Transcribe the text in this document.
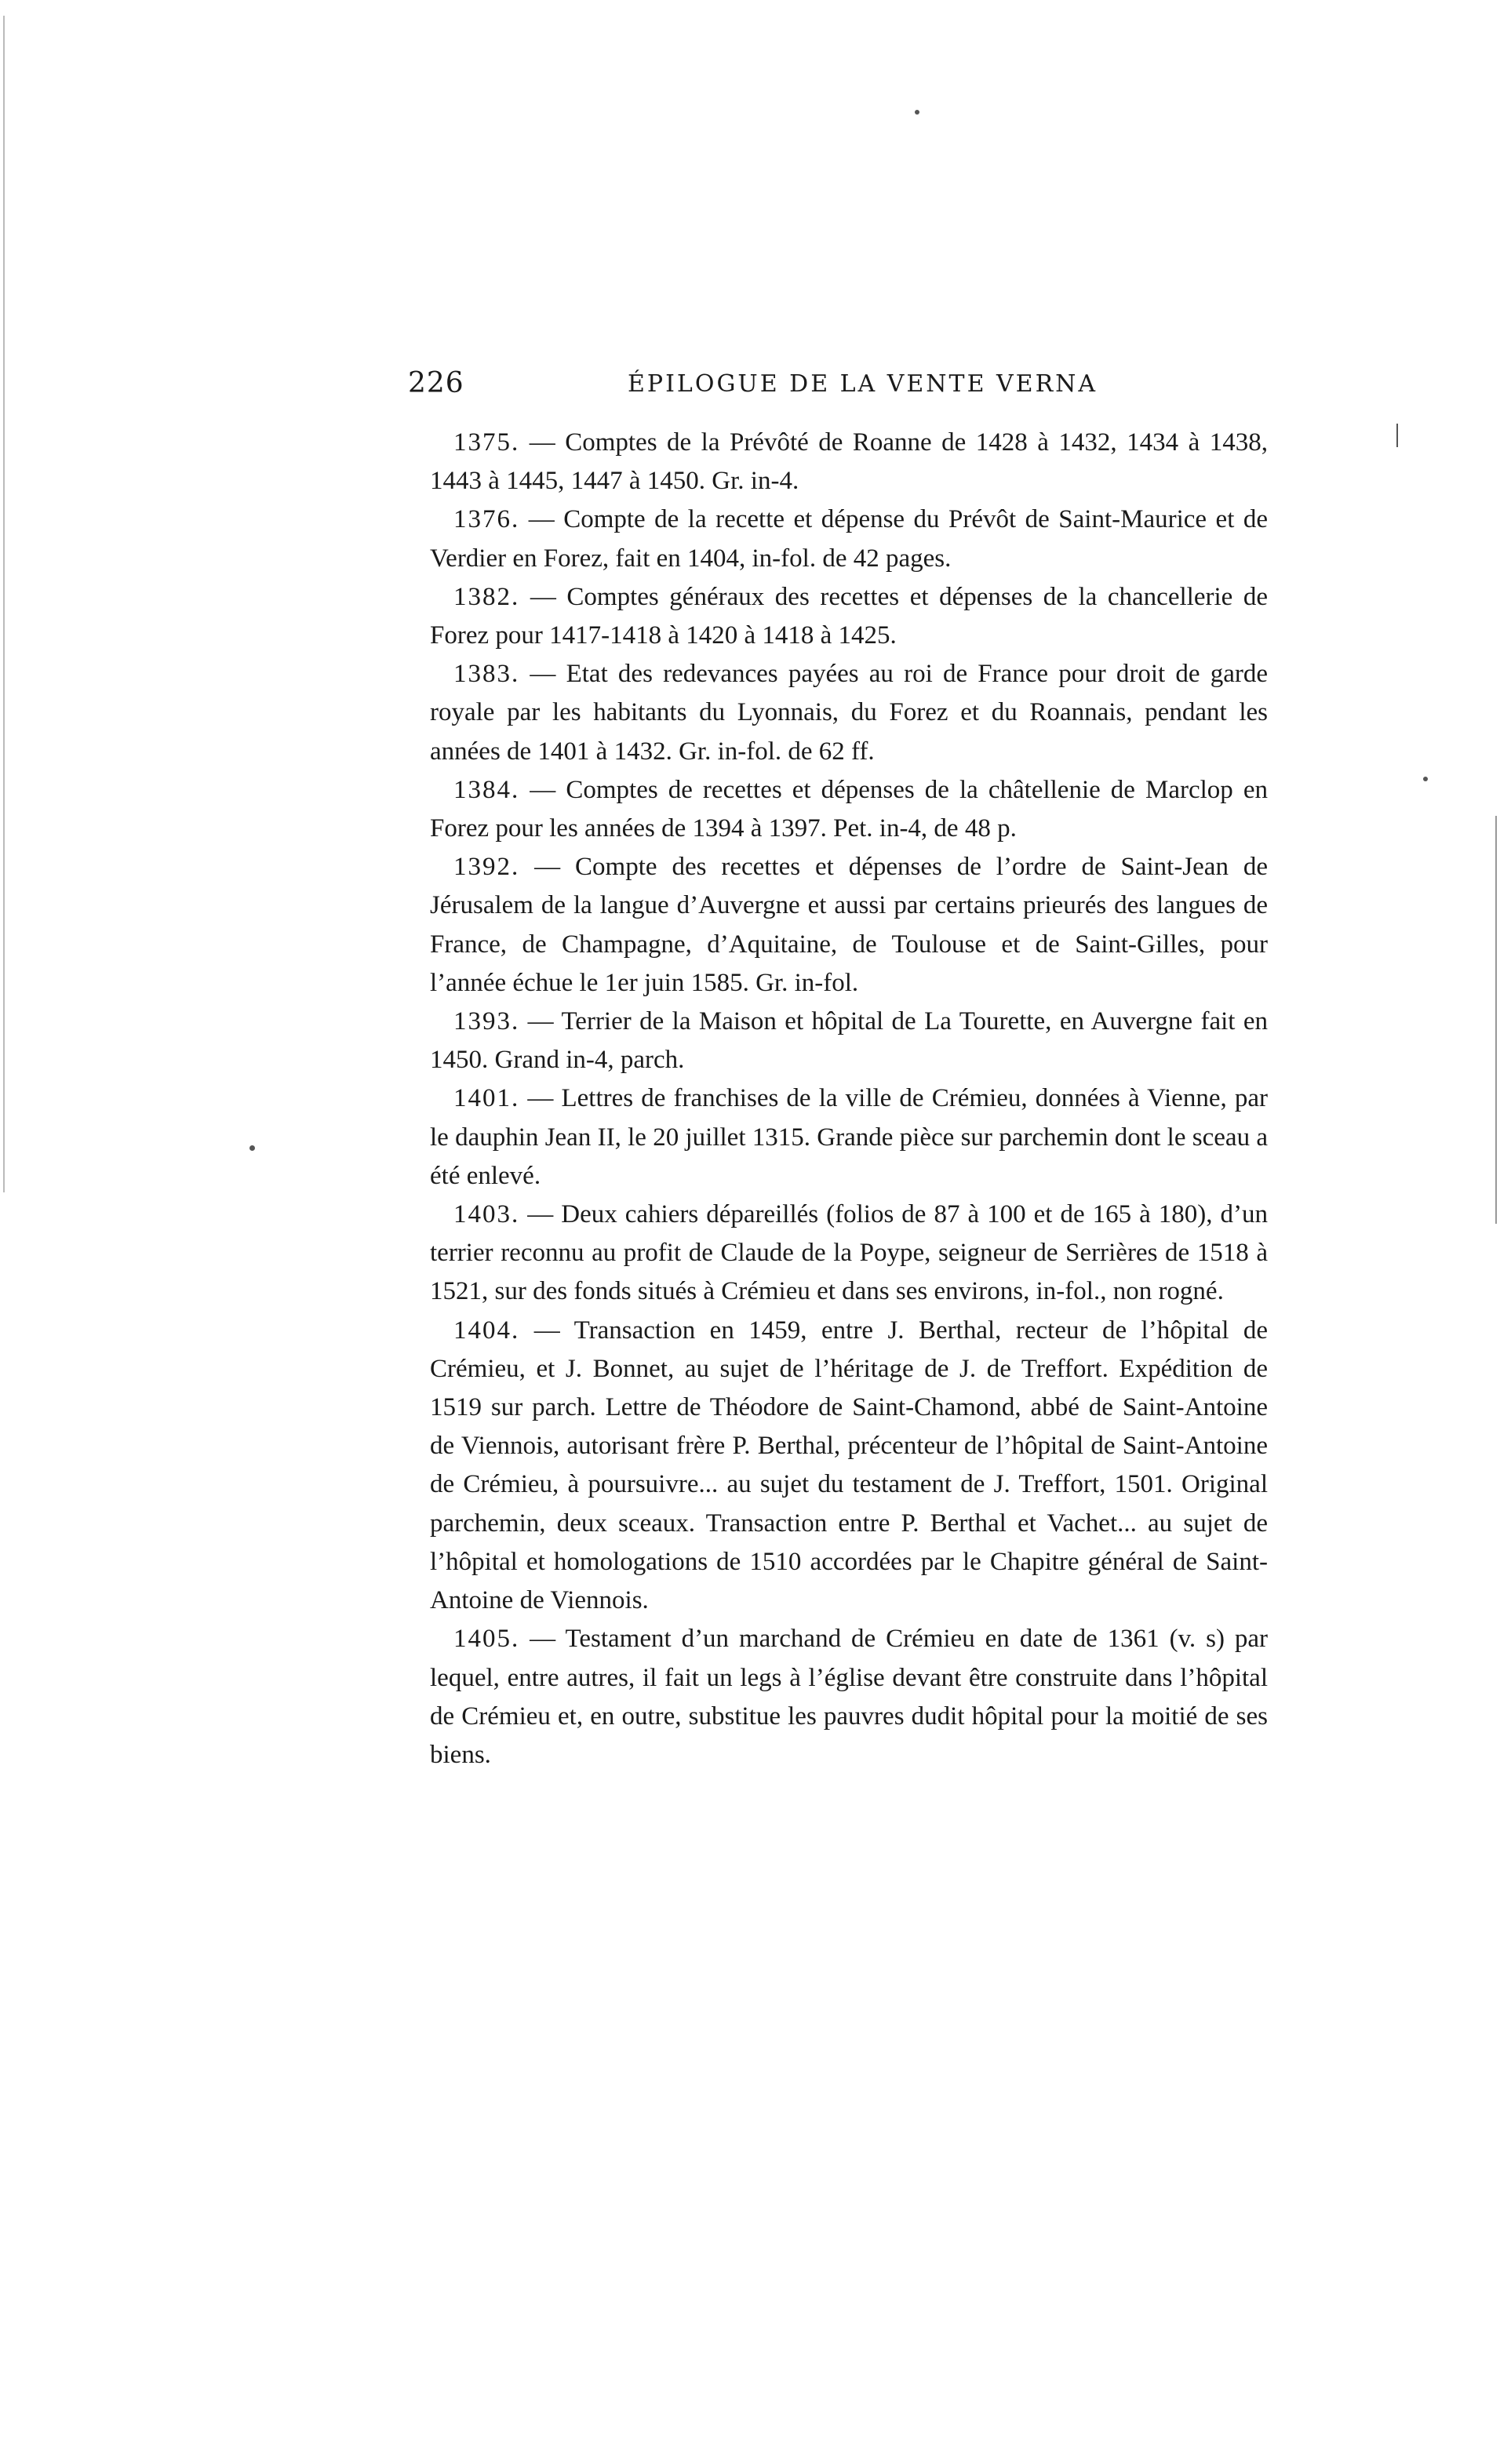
226	ÉPILOGUE DE LA VENTE VERNA

1375. — Comptes de la Prévôté de Roanne de 1428 à 1432, 1434 à 1438, 1443 à 1445, 1447 à 1450. Gr. in-4.

1376. — Compte de la recette et dépense du Prévôt de Saint-Maurice et de Verdier en Forez, fait en 1404, in-fol. de 42 pages.

1382. — Comptes généraux des recettes et dépenses de la chancellerie de Forez pour 1417-1418 à 1420 à 1418 à 1425.

1383. — Etat des redevances payées au roi de France pour droit de garde royale par les habitants du Lyonnais, du Forez et du Roannais, pendant les années de 1401 à 1432. Gr. in-fol. de 62 ff.

1384. — Comptes de recettes et dépenses de la châtellenie de Marclop en Forez pour les années de 1394 à 1397. Pet. in-4, de 48 p.

1392. — Compte des recettes et dépenses de l’ordre de Saint-Jean de Jérusalem de la langue d’Auvergne et aussi par certains prieurés des langues de France, de Champagne, d’Aquitaine, de Toulouse et de Saint-Gilles, pour l’année échue le 1er juin 1585. Gr. in-fol.

1393. — Terrier de la Maison et hôpital de La Tourette, en Auvergne fait en 1450. Grand in-4, parch.

1401. — Lettres de franchises de la ville de Crémieu, données à Vienne, par le dauphin Jean II, le 20 juillet 1315. Grande pièce sur parchemin dont le sceau a été enlevé.

1403. — Deux cahiers dépareillés (folios de 87 à 100 et de 165 à 180), d’un terrier reconnu au profit de Claude de la Poype, seigneur de Serrières de 1518 à 1521, sur des fonds situés à Crémieu et dans ses environs, in-fol., non rogné.

1404. — Transaction en 1459, entre J. Berthal, recteur de l’hôpital de Crémieu, et J. Bonnet, au sujet de l’héritage de J. de Treffort. Expédition de 1519 sur parch. Lettre de Théodore de Saint-Chamond, abbé de Saint-Antoine de Viennois, autorisant frère P. Berthal, précenteur de l’hôpital de Saint-Antoine de Crémieu, à poursuivre... au sujet du testament de J. Treffort, 1501. Original parchemin, deux sceaux. Transaction entre P. Berthal et Vachet... au sujet de l’hôpital et homologations de 1510 accordées par le Chapitre général de Saint-Antoine de Viennois.

1405. — Testament d’un marchand de Crémieu en date de 1361 (v. s) par lequel, entre autres, il fait un legs à l’église devant être construite dans l’hôpital de Crémieu et, en outre, substitue les pauvres dudit hôpital pour la moitié de ses biens.
